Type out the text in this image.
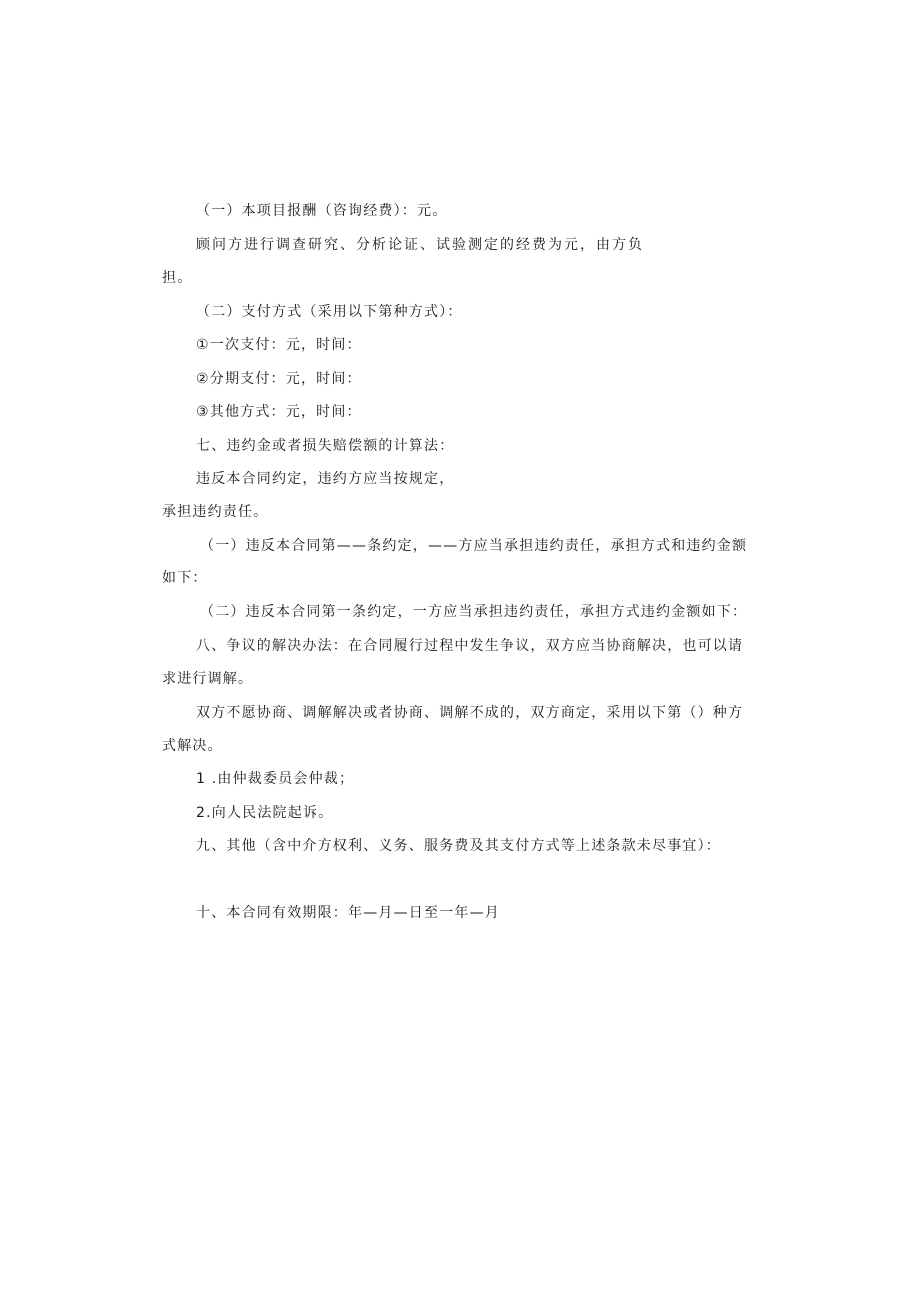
（一）本项目报酬（咨询经费）：元。
顾问方进行调查研究、分析论证、试验测定的经费为元，由方负
担。
（二）支付方式（采用以下第种方式）：
①一次支付：元，时间：
②分期支付：元，时间：
③其他方式：元，时间：
七、违约金或者损失赔偿额的计算法：
违反本合同约定，违约方应当按规定，
承担违约责任。
（一）违反本合同第——条约定，——方应当承担违约责任，承担方式和违约金额
如下：
（二）违反本合同第一条约定，一方应当承担违约责任，承担方式违约金额如下：
八、争议的解决办法：在合同履行过程中发生争议，双方应当协商解决，也可以请
求进行调解。
双方不愿协商、调解解决或者协商、调解不成的，双方商定，采用以下第（）种方
式解决。
1 .由仲裁委员会仲裁；
2.向人民法院起诉。
九、其他（含中介方权利、义务、服务费及其支付方式等上述条款未尽事宜）：
十、本合同有效期限：年—月—日至一年—月
